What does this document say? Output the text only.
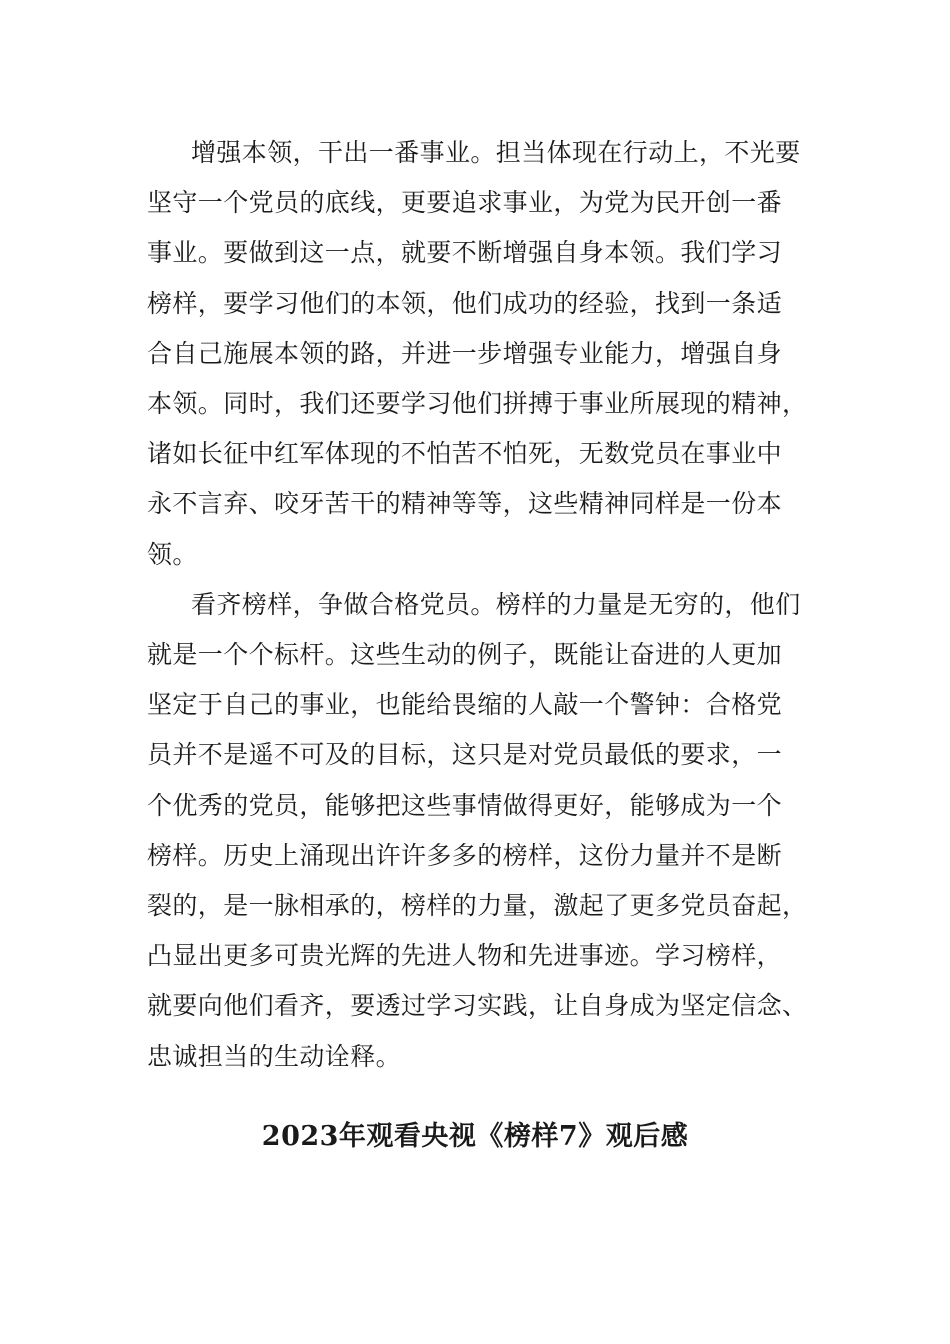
增强本领，干出一番事业。担当体现在行动上，不光要
坚守一个党员的底线，更要追求事业，为党为民开创一番
事业。要做到这一点，就要不断增强自身本领。我们学习
榜样，要学习他们的本领，他们成功的经验，找到一条适
合自己施展本领的路，并进一步增强专业能力，增强自身
本领。同时，我们还要学习他们拼搏于事业所展现的精神，
诸如长征中红军体现的不怕苦不怕死，无数党员在事业中
永不言弃、咬牙苦干的精神等等，这些精神同样是一份本
领。

看齐榜样，争做合格党员。榜样的力量是无穷的，他们
就是一个个标杆。这些生动的例子，既能让奋进的人更加
坚定于自己的事业，也能给畏缩的人敲一个警钟：合格党
员并不是遥不可及的目标，这只是对党员最低的要求，一
个优秀的党员，能够把这些事情做得更好，能够成为一个
榜样。历史上涌现出许许多多的榜样，这份力量并不是断
裂的，是一脉相承的，榜样的力量，激起了更多党员奋起，
凸显出更多可贵光辉的先进人物和先进事迹。学习榜样，
就要向他们看齐，要透过学习实践，让自身成为坚定信念、
忠诚担当的生动诠释。

2023年观看央视《榜样7》观后感
